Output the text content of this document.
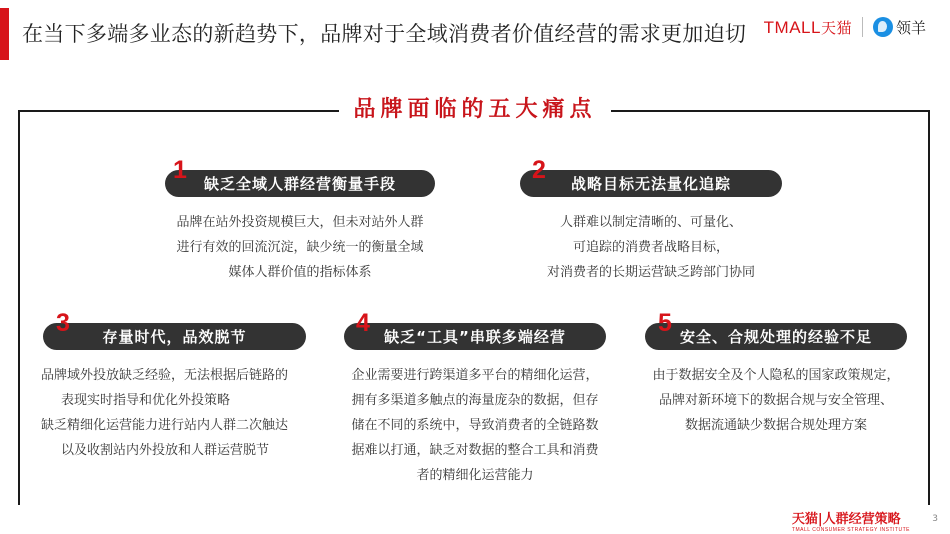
在当下多端多业态的新趋势下，品牌对于全域消费者价值经营的需求更加迫切 TMALL天猫	领羊
品牌面临的五大痛点
缺乏全域人群经营衡量手段
1
品牌在站外投资规模巨大，但未对站外人群
进行有效的回流沉淀，缺少统一的衡量全域
媒体人群价值的指标体系
战略目标无法量化追踪
2
人群难以制定清晰的、可量化、
可追踪的消费者战略目标，
对消费者的长期运营缺乏跨部门协同
存量时代，品效脱节
3
品牌域外投放缺乏经验，无法根据后链路的
表现实时指导和优化外投策略
缺乏精细化运营能力进行站内人群二次触达
以及收割站内外投放和人群运营脱节
缺乏“工具”串联多端经营
4
企业需要进行跨渠道多平台的精细化运营，
拥有多渠道多触点的海量庞杂的数据，但存
储在不同的系统中，导致消费者的全链路数
据难以打通，缺乏对数据的整合工具和消费
者的精细化运营能力
安全、合规处理的经验不足
5
由于数据安全及个人隐私的国家政策规定，
品牌对新环境下的数据合规与安全管理、
数据流通缺少数据合规处理方案
天猫|人群经营策略
TMALL CONSUMER STRATEGY INSTITUTE
3
